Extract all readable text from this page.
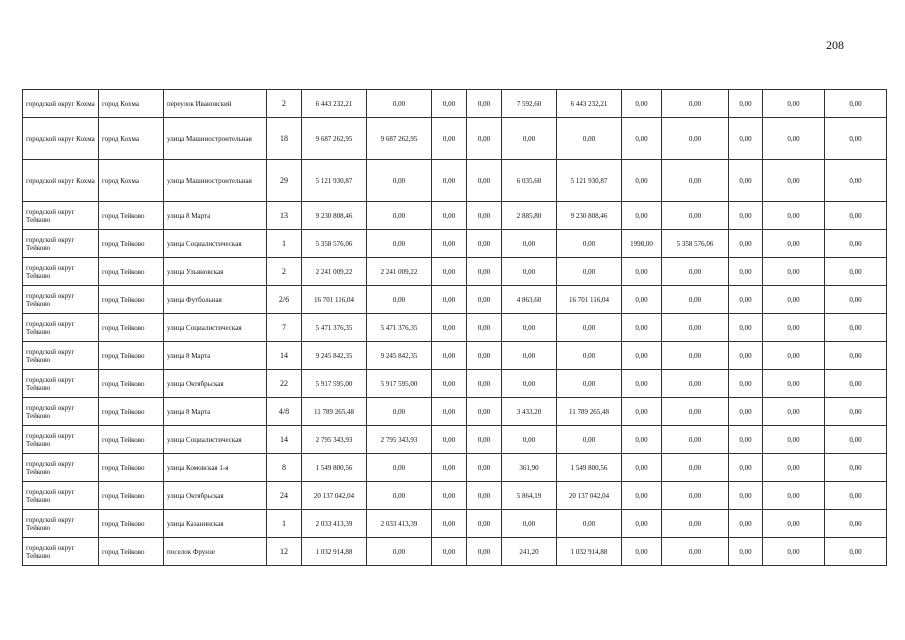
208
городской округ Кохма	город Кохма	переулок Ивановский	2	6 443 232,21	0,00	0,00	0,00	7 592,60	6 443 232,21	0,00	0,00	0,00	0,00	0,00
городской округ Кохма	город Кохма	улица Машиностроительная	18	9 687 262,95	9 687 262,95	0,00	0,00	0,00	0,00	0,00	0,00	0,00	0,00	0,00
городской округ Кохма	город Кохма	улица Машиностроительная	29	5 121 930,87	0,00	0,00	0,00	6 035,60	5 121 930,87	0,00	0,00	0,00	0,00	0,00
городской округ Тейково	город Тейково	улица 8 Марта	13	9 230 808,46	0,00	0,00	0,00	2 885,80	9 230 808,46	0,00	0,00	0,00	0,00	0,00
городской округ Тейково	город Тейково	улица Социалистическая	1	5 358 576,06	0,00	0,00	0,00	0,00	0,00	1998,00	5 358 576,06	0,00	0,00	0,00
городской округ Тейково	город Тейково	улица Ульяновская	2	2 241 009,22	2 241 009,22	0,00	0,00	0,00	0,00	0,00	0,00	0,00	0,00	0,00
городской округ Тейково	город Тейково	улица Футбольная	2/6	16 701 116,04	0,00	0,00	0,00	4 863,60	16 701 116,04	0,00	0,00	0,00	0,00	0,00
городской округ Тейково	город Тейково	улица Социалистическая	7	5 471 376,35	5 471 376,35	0,00	0,00	0,00	0,00	0,00	0,00	0,00	0,00	0,00
городской округ Тейково	город Тейково	улица 8 Марта	14	9 245 842,35	9 245 842,35	0,00	0,00	0,00	0,00	0,00	0,00	0,00	0,00	0,00
городской округ Тейково	город Тейково	улица Октябрьская	22	5 917 595,00	5 917 595,00	0,00	0,00	0,00	0,00	0,00	0,00	0,00	0,00	0,00
городской округ Тейково	город Тейково	улица 8 Марта	4/8	11 789 265,48	0,00	0,00	0,00	3 433,20	11 789 265,48	0,00	0,00	0,00	0,00	0,00
городской округ Тейково	город Тейково	улица Социалистическая	14	2 795 343,93	2 795 343,93	0,00	0,00	0,00	0,00	0,00	0,00	0,00	0,00	0,00
городской округ Тейково	город Тейково	улица Комовская 1-я	8	1 549 800,56	0,00	0,00	0,00	361,90	1 549 800,56	0,00	0,00	0,00	0,00	0,00
городской округ Тейково	город Тейково	улица Октябрьская	24	20 137 042,04	0,00	0,00	0,00	5 864,19	20 137 042,04	0,00	0,00	0,00	0,00	0,00
городской округ Тейково	город Тейково	улица Казанинская	1	2 033 413,39	2 033 413,39	0,00	0,00	0,00	0,00	0,00	0,00	0,00	0,00	0,00
городской округ Тейково	город Тейково	поселок Фрунзе	12	1 032 914,88	0,00	0,00	0,00	241,20	1 032 914,88	0,00	0,00	0,00	0,00	0,00
